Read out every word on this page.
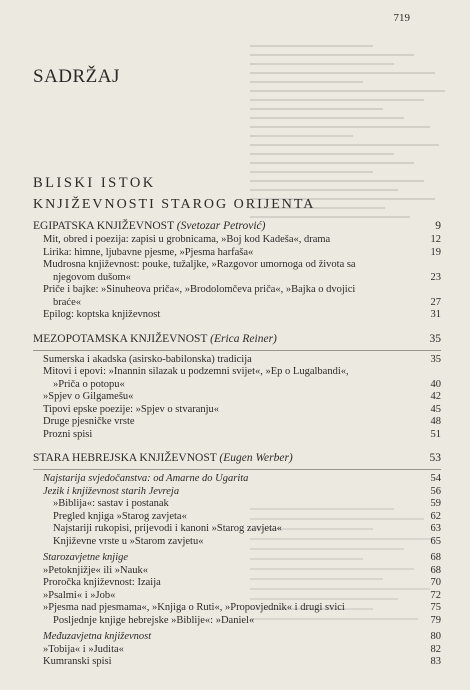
719
SADRŽAJ
BLISKI ISTOK
KNJIŽEVNOSTI STAROG ORIJENTA
EGIPATSKA KNJIŽEVNOST (Svetozar Petrović)	9
Mit, obred i poezija: zapisi u grobnicama, »Boj kod Kadeša«, drama	12
Lirika: himne, ljubavne pjesme, »Pjesma harfaša«	19
Mudrosna književnost: pouke, tužaljke, »Razgovor umornoga od života sa
njegovom dušom«	23
Priče i bajke: »Sinuheova priča«, »Brodolomčeva priča«, »Bajka o dvojici
braće«	27
Epilog: koptska književnost	31
MEZOPOTAMSKA KNJIŽEVNOST (Erica Reiner)	35
Sumerska i akadska (asirsko-babilonska) tradicija	35
Mitovi i epovi: »Inannin silazak u podzemni svijet«, »Ep o Lugalbandi«,
»Priča o potopu«	40
»Spjev o Gilgamešu«	42
Tipovi epske poezije: »Spjev o stvaranju«	45
Druge pjesničke vrste	48
Prozni spisi	51
STARA HEBREJSKA KNJIŽEVNOST (Eugen Werber)	53
Najstarija svjedočanstva: od Amarne do Ugarita	54
Jezik i književnost starih Jevreja	56
»Biblija«: sastav i postanak	59
Pregled knjiga »Starog zavjeta«	62
Najstariji rukopisi, prijevodi i kanoni »Starog zavjeta«	63
Književne vrste u »Starom zavjetu«	65
Starozavjetne knjige	68
»Petoknjižje« ili »Nauk«	68
Proročka književnost: Izaija	70
»Psalmi« i »Job«	72
»Pjesma nad pjesmama«, »Knjiga o Ruti«, »Propovjednik« i drugi svici	75
Posljednje knjige hebrejske »Biblije«: »Daniel«	79
Međuzavjetna književnost	80
»Tobija« i »Judita«	82
Kumranski spisi	83
